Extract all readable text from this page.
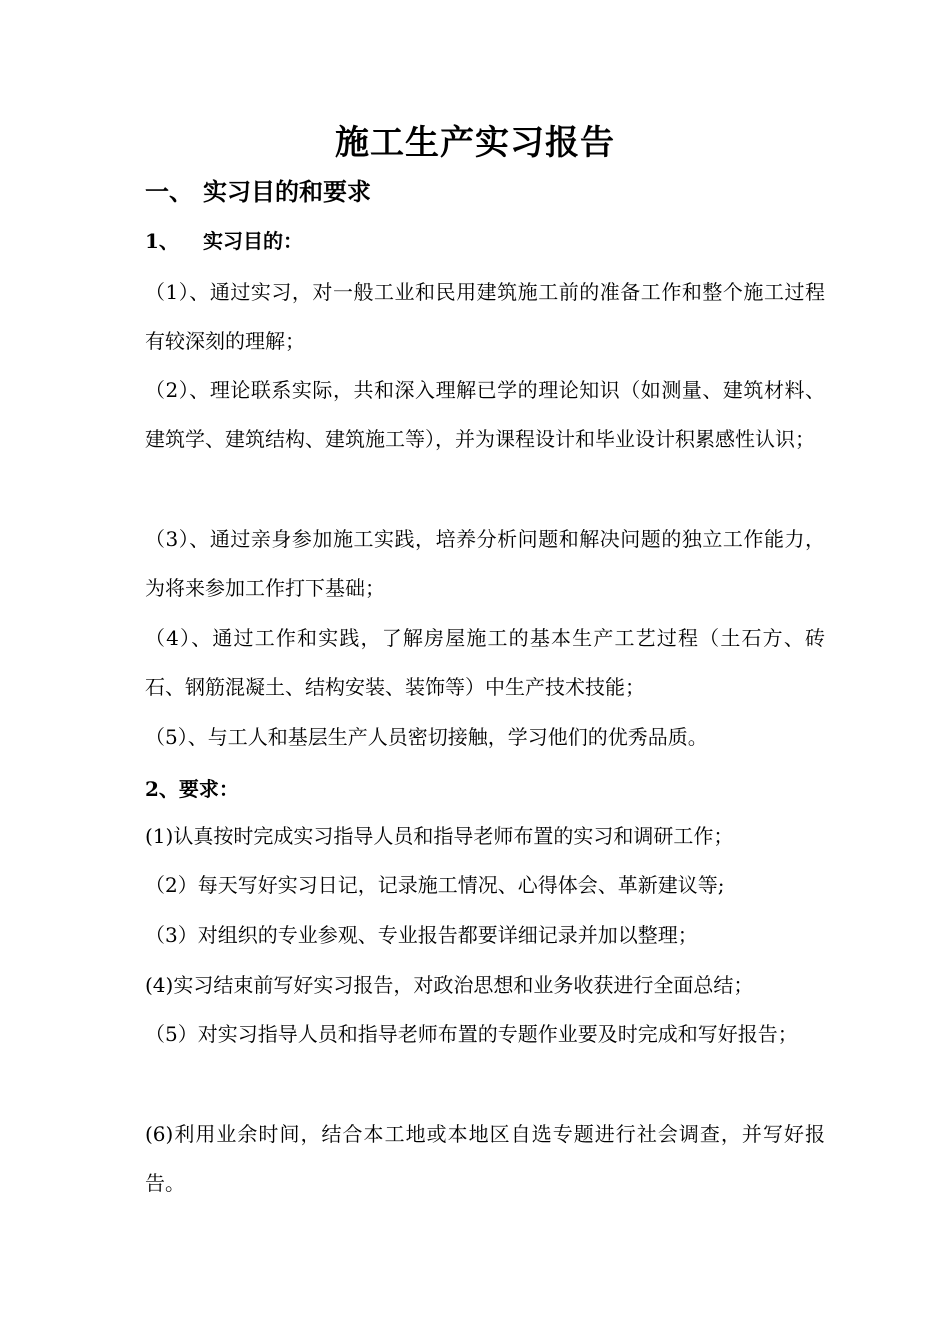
施工生产实习报告
一、 实习目的和要求
1、 实习目的：

（1）、通过实习，对一般工业和民用建筑施工前的准备工作和整个施工过程有较深刻的理解；

（2）、理论联系实际，共和深入理解已学的理论知识（如测量、建筑材料、建筑学、建筑结构、建筑施工等），并为课程设计和毕业设计积累感性认识；

（3）、通过亲身参加施工实践，培养分析问题和解决问题的独立工作能力，为将来参加工作打下基础；

（4）、通过工作和实践，了解房屋施工的基本生产工艺过程（土石方、砖石、钢筋混凝土、结构安装、装饰等）中生产技术技能；

（5）、与工人和基层生产人员密切接触，学习他们的优秀品质。

2、要求：

(1)认真按时完成实习指导人员和指导老师布置的实习和调研工作；

（2）每天写好实习日记，记录施工情况、心得体会、革新建议等;

（3）对组织的专业参观、专业报告都要详细记录并加以整理；

(4)实习结束前写好实习报告，对政治思想和业务收获进行全面总结；

（5）对实习指导人员和指导老师布置的专题作业要及时完成和写好报告；

(6)利用业余时间，结合本工地或本地区自选专题进行社会调查，并写好报告。
